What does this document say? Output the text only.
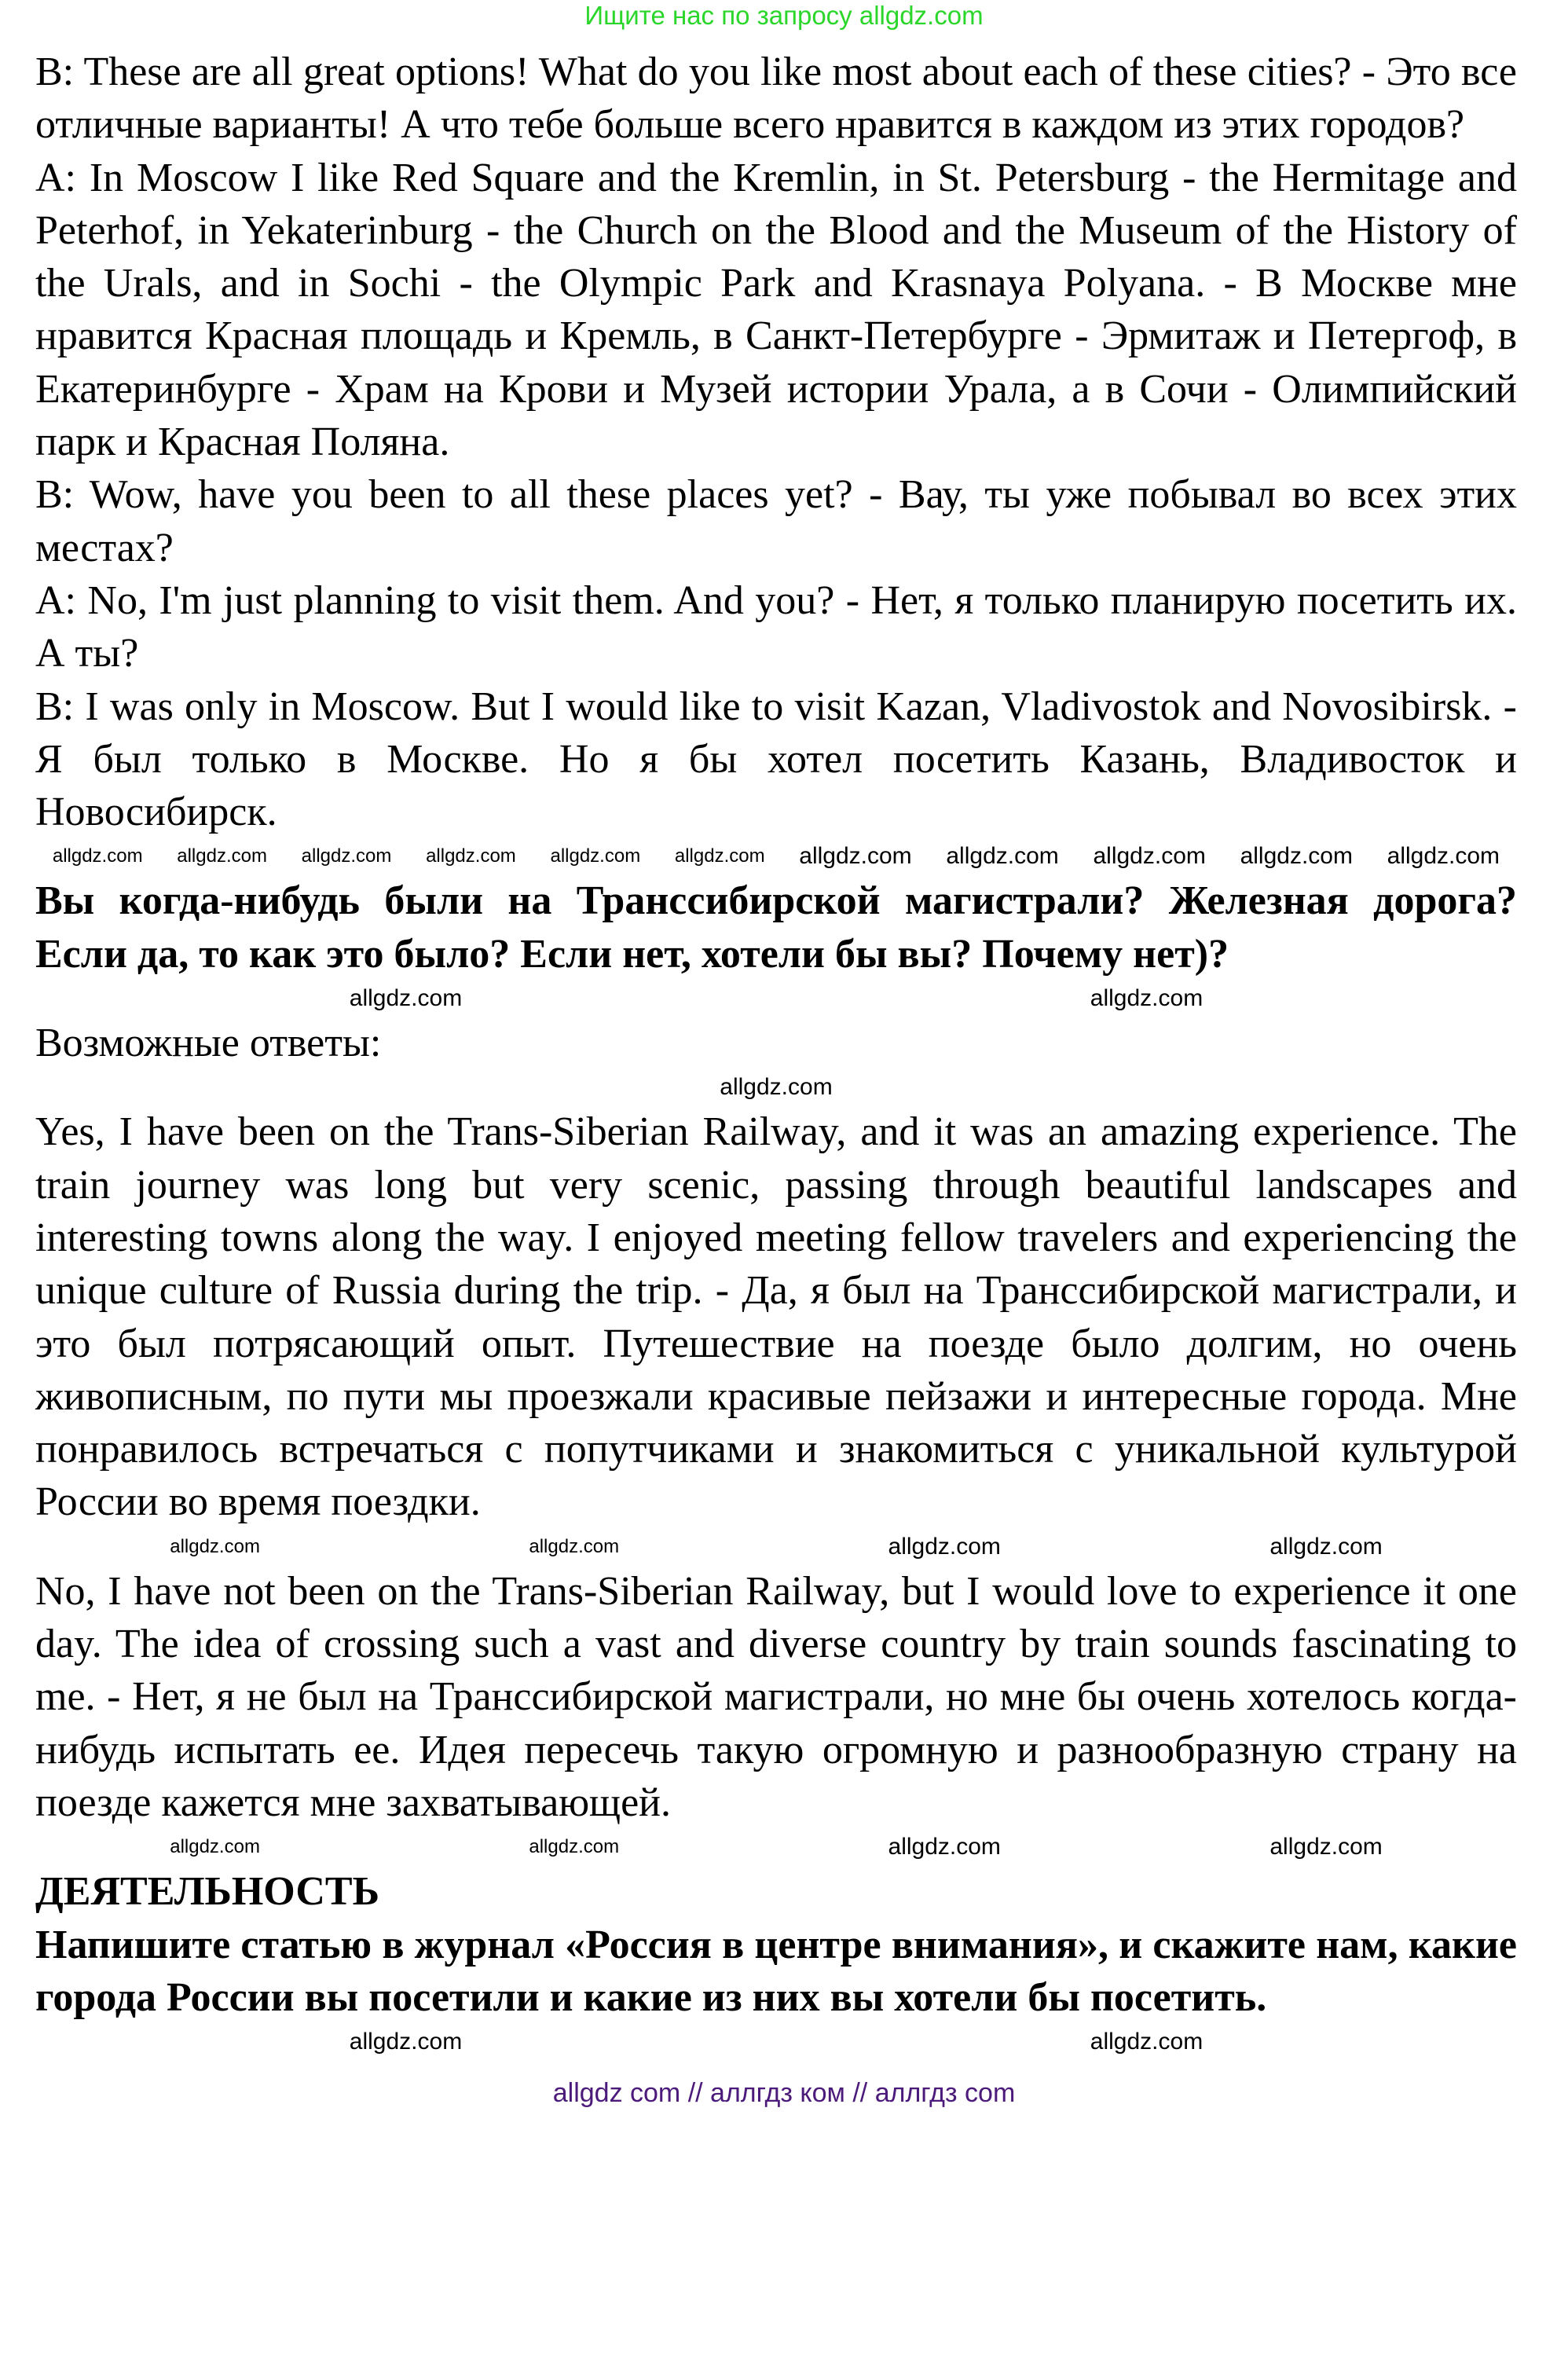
Ищите нас по запросу allgdz.com

B: These are all great options! What do you like most about each of these cities? - Это все отличные варианты! А что тебе больше всего нравится в каждом из этих городов?

A: In Moscow I like Red Square and the Kremlin, in St. Petersburg - the Hermitage and Peterhof, in Yekaterinburg - the Church on the Blood and the Museum of the History of the Urals, and in Sochi - the Olympic Park and Krasnaya Polyana. - В Москве мне нравится Красная площадь и Кремль, в Санкт-Петербурге - Эрмитаж и Петергоф, в Екатеринбурге - Храм на Крови и Музей истории Урала, а в Сочи - Олимпийский парк и Красная Поляна.

B: Wow, have you been to all these places yet? - Вау, ты уже побывал во всех этих местах?

A: No, I'm just planning to visit them. And you? - Нет, я только планирую посетить их. А ты?

B: I was only in Moscow. But I would like to visit Kazan, Vladivostok and Novosibirsk. - Я был только в Москве. Но я бы хотел посетить Казань, Владивосток и Новосибирск.

allgdz.com allgdz.com allgdz.com allgdz.com allgdz.com allgdz.com allgdz.com allgdz.com allgdz.com allgdz.com allgdz.com
Вы когда-нибудь были на Транссибирской магистрали? Железная дорога? Если да, то как это было? Если нет, хотели бы вы? Почему нет)?
allgdz.com	allgdz.com
Возможные ответы:
allgdz.com
Yes, I have been on the Trans-Siberian Railway, and it was an amazing experience. The train journey was long but very scenic, passing through beautiful landscapes and interesting towns along the way. I enjoyed meeting fellow travelers and experiencing the unique culture of Russia during the trip. - Да, я был на Транссибирской магистрали, и это был потрясающий опыт. Путешествие на поезде было долгим, но очень живописным, по пути мы проезжали красивые пейзажи и интересные города. Мне понравилось встречаться с попутчиками и знакомиться с уникальной культурой России во время поездки.
allgdz.com	allgdz.com	allgdz.com	allgdz.com
No, I have not been on the Trans-Siberian Railway, but I would love to experience it one day. The idea of crossing such a vast and diverse country by train sounds fascinating to me. - Нет, я не был на Транссибирской магистрали, но мне бы очень хотелось когда-нибудь испытать ее. Идея пересечь такую огромную и разнообразную страну на поезде кажется мне захватывающей.
allgdz.com	allgdz.com	allgdz.com	allgdz.com

ДЕЯТЕЛЬНОСТЬ

Напишите статью в журнал «Россия в центре внимания», и скажите нам, какие города России вы посетили и какие из них вы хотели бы посетить.

allgdz.com	allgdz.com
allgdz com // аллгдз ком // аллгдз com
